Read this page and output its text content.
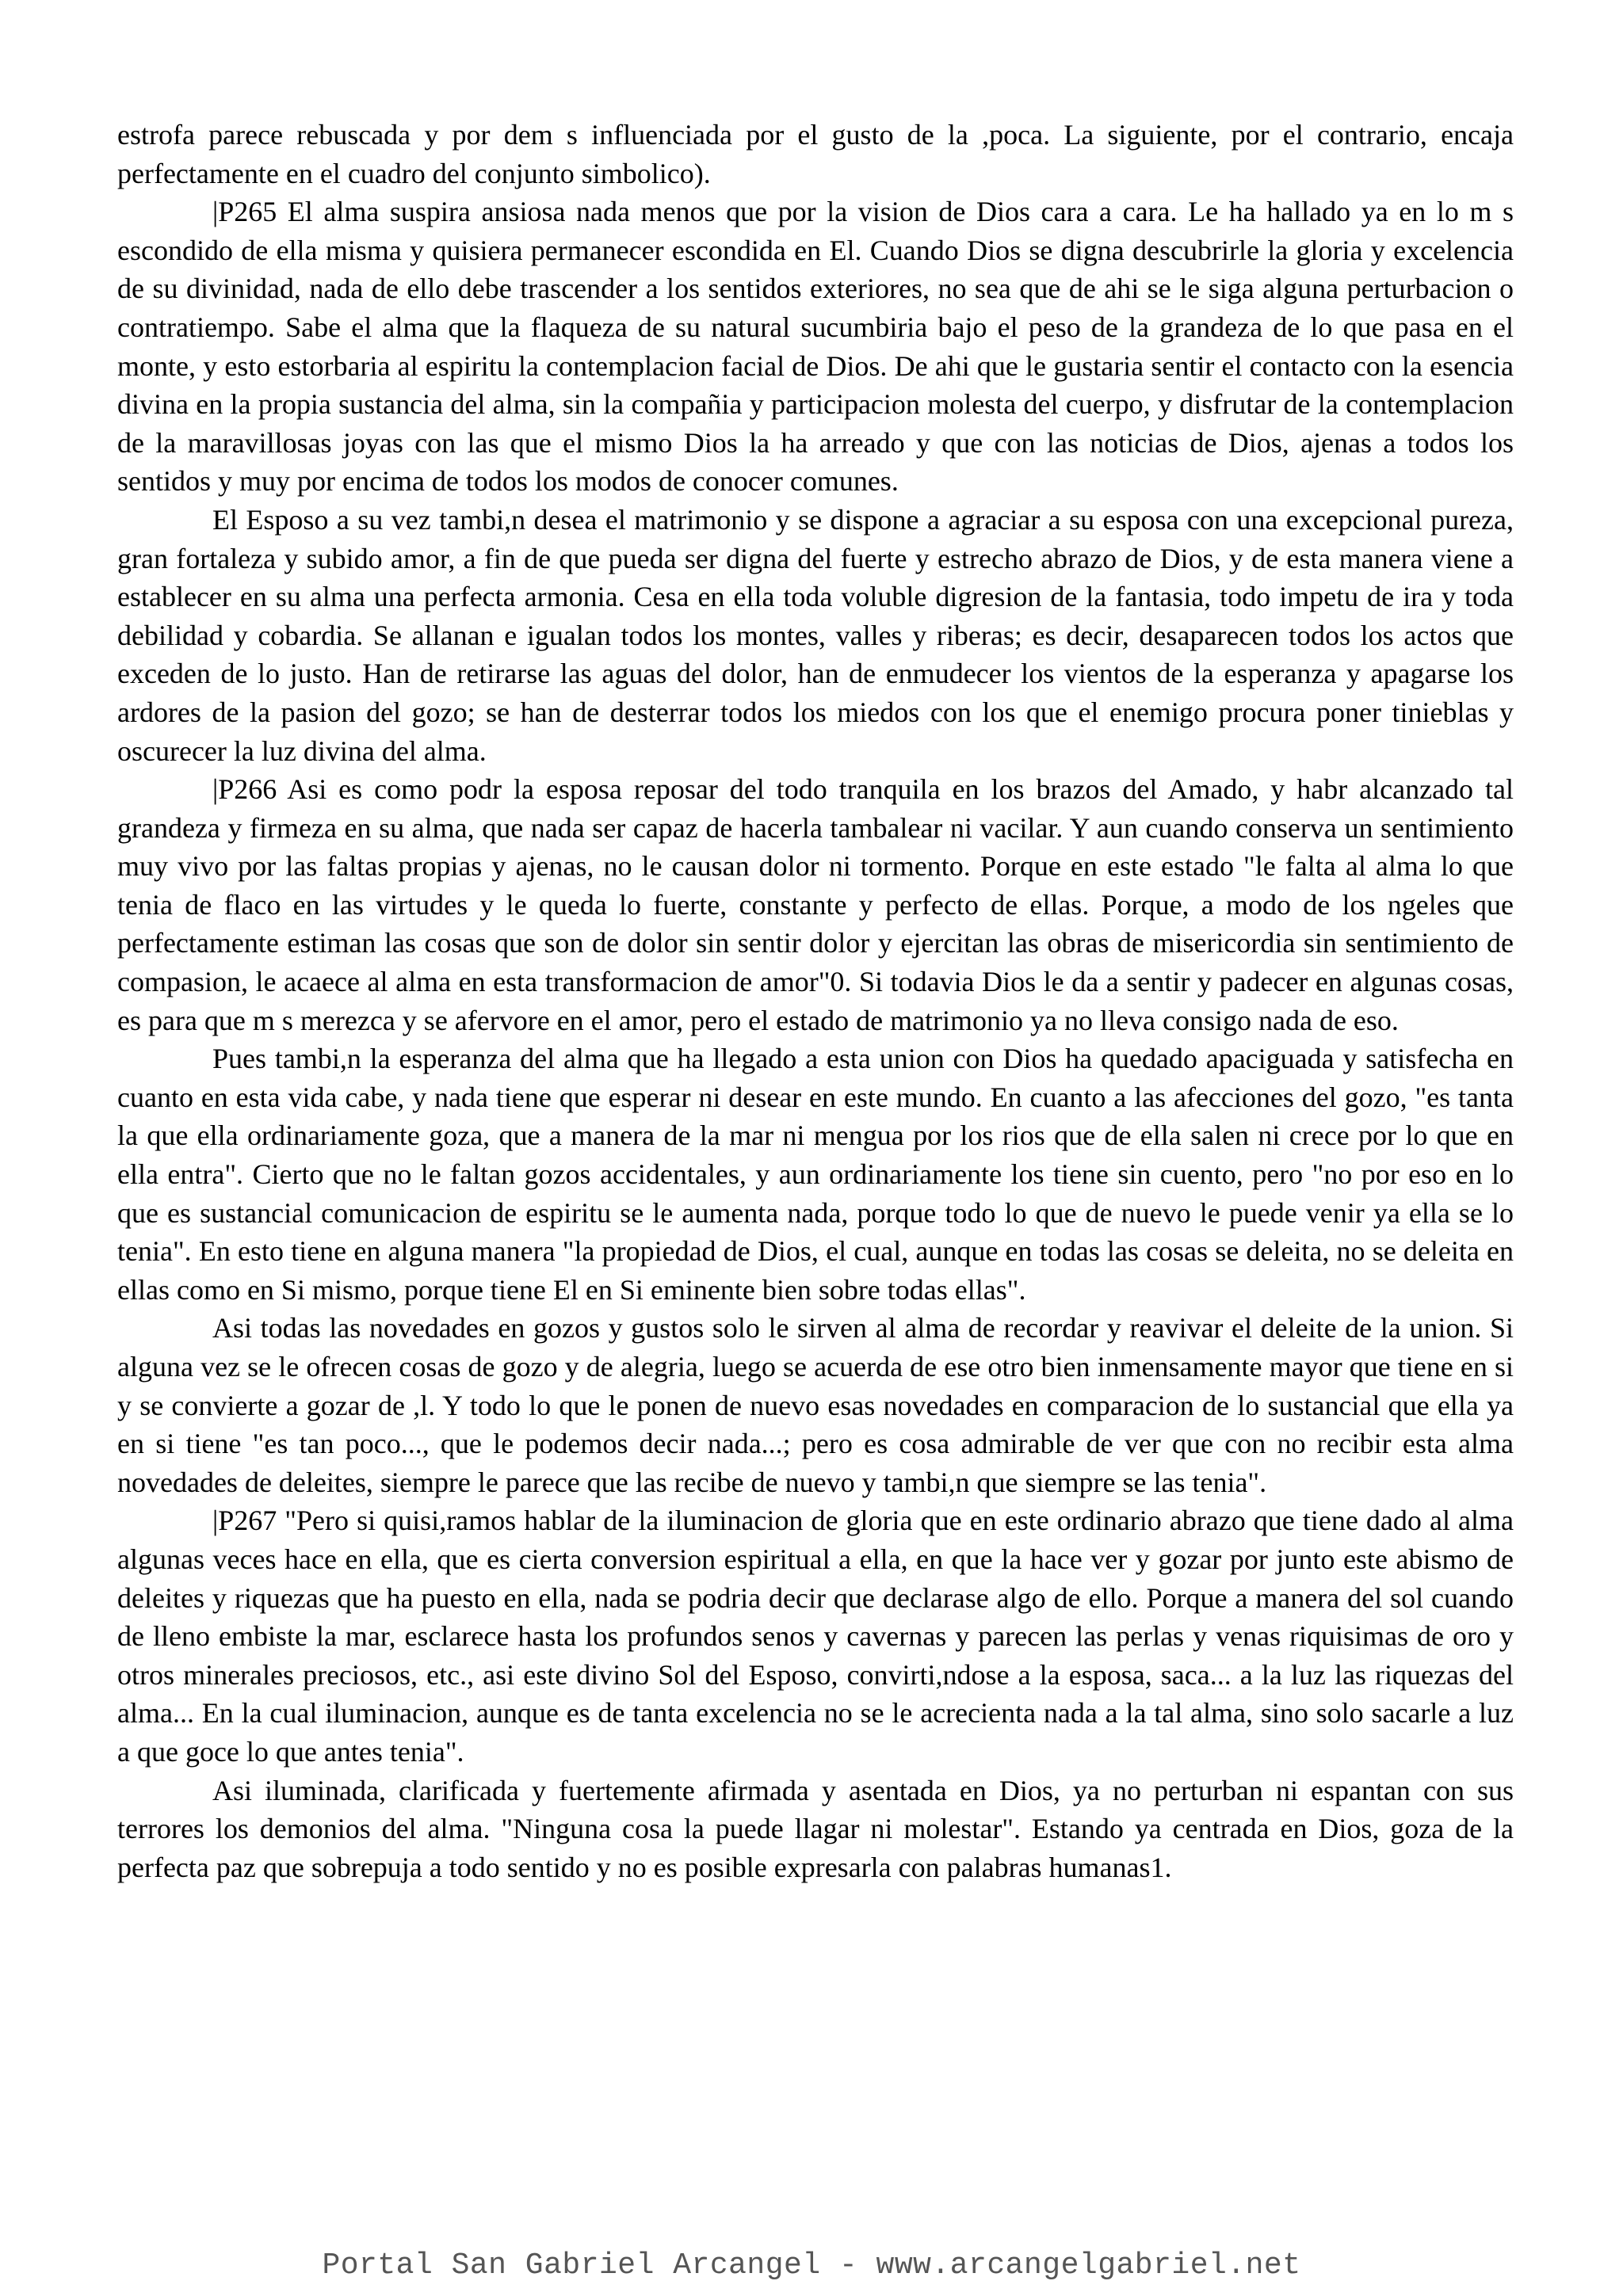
estrofa parece rebuscada y por dem s influenciada por el gusto de la ,poca. La siguiente, por el contrario, encaja perfectamente en el cuadro del conjunto simbolico).

|P265 El alma suspira ansiosa nada menos que por la vision de Dios cara a cara. Le ha hallado ya en lo m s escondido de ella misma y quisiera permanecer escondida en El. Cuando Dios se digna descubrirle la gloria y excelencia de su divinidad, nada de ello debe trascender a los sentidos exteriores, no sea que de ahi se le siga alguna perturbacion o contratiempo. Sabe el alma que la flaqueza de su natural sucumbiria bajo el peso de la grandeza de lo que pasa en el monte, y esto estorbaria al espiritu la contemplacion facial de Dios. De ahi que le gustaria sentir el contacto con la esencia divina en la propia sustancia del alma, sin la compañia y participacion molesta del cuerpo, y disfrutar de la contemplacion de la maravillosas joyas con las que el mismo Dios la ha arreado y que con las noticias de Dios, ajenas a todos los sentidos y muy por encima de todos los modos de conocer comunes.

El Esposo a su vez tambi,n desea el matrimonio y se dispone a agraciar a su esposa con una excepcional pureza, gran fortaleza y subido amor, a fin de que pueda ser digna del fuerte y estrecho abrazo de Dios, y de esta manera viene a establecer en su alma una perfecta armonia. Cesa en ella toda voluble digresion de la fantasia, todo impetu de ira y toda debilidad y cobardia. Se allanan e igualan todos los montes, valles y riberas; es decir, desaparecen todos los actos que exceden de lo justo. Han de retirarse las aguas del dolor, han de enmudecer los vientos de la esperanza y apagarse los ardores de la pasion del gozo; se han de desterrar todos los miedos con los que el enemigo procura poner tinieblas y oscurecer la luz divina del alma.

|P266 Asi es como podr la esposa reposar del todo tranquila en los brazos del Amado, y habr alcanzado tal grandeza y firmeza en su alma, que nada ser capaz de hacerla tambalear ni vacilar. Y aun cuando conserva un sentimiento muy vivo por las faltas propias y ajenas, no le causan dolor ni tormento. Porque en este estado "le falta al alma lo que tenia de flaco en las virtudes y le queda lo fuerte, constante y perfecto de ellas. Porque, a modo de los ngeles que perfectamente estiman las cosas que son de dolor sin sentir dolor y ejercitan las obras de misericordia sin sentimiento de compasion, le acaece al alma en esta transformacion de amor"0. Si todavia Dios le da a sentir y padecer en algunas cosas, es para que m s merezca y se afervore en el amor, pero el estado de matrimonio ya no lleva consigo nada de eso.

Pues tambi,n la esperanza del alma que ha llegado a esta union con Dios ha quedado apaciguada y satisfecha en cuanto en esta vida cabe, y nada tiene que esperar ni desear en este mundo. En cuanto a las afecciones del gozo, "es tanta la que ella ordinariamente goza, que a manera de la mar ni mengua por los rios que de ella salen ni crece por lo que en ella entra". Cierto que no le faltan gozos accidentales, y aun ordinariamente los tiene sin cuento, pero "no por eso en lo que es sustancial comunicacion de espiritu se le aumenta nada, porque todo lo que de nuevo le puede venir ya ella se lo tenia". En esto tiene en alguna manera "la propiedad de Dios, el cual, aunque en todas las cosas se deleita, no se deleita en ellas como en Si mismo, porque tiene El en Si eminente bien sobre todas ellas".

Asi todas las novedades en gozos y gustos solo le sirven al alma de recordar y reavivar el deleite de la union. Si alguna vez se le ofrecen cosas de gozo y de alegria, luego se acuerda de ese otro bien inmensamente mayor que tiene en si y se convierte a gozar de ,l. Y todo lo que le ponen de nuevo esas novedades en comparacion de lo sustancial que ella ya en si tiene "es tan poco..., que le podemos decir nada...; pero es cosa admirable de ver que con no recibir esta alma novedades de deleites, siempre le parece que las recibe de nuevo y tambi,n que siempre se las tenia".

|P267 "Pero si quisi,ramos hablar de la iluminacion de gloria que en este ordinario abrazo que tiene dado al alma algunas veces hace en ella, que es cierta conversion espiritual a ella, en que la hace ver y gozar por junto este abismo de deleites y riquezas que ha puesto en ella, nada se podria decir que declarase algo de ello. Porque a manera del sol cuando de lleno embiste la mar, esclarece hasta los profundos senos y cavernas y parecen las perlas y venas riquisimas de oro y otros minerales preciosos, etc., asi este divino Sol del Esposo, convirti,ndose a la esposa, saca... a la luz las riquezas del alma... En la cual iluminacion, aunque es de tanta excelencia no se le acrecienta nada a la tal alma, sino solo sacarle a luz a que goce lo que antes tenia".

Asi iluminada, clarificada y fuertemente afirmada y asentada en Dios, ya no perturban ni espantan con sus terrores los demonios del alma. "Ninguna cosa la puede llagar ni molestar". Estando ya centrada en Dios, goza de la perfecta paz que sobrepuja a todo sentido y no es posible expresarla con palabras humanas1.

Portal San Gabriel Arcangel - www.arcangelgabriel.net
